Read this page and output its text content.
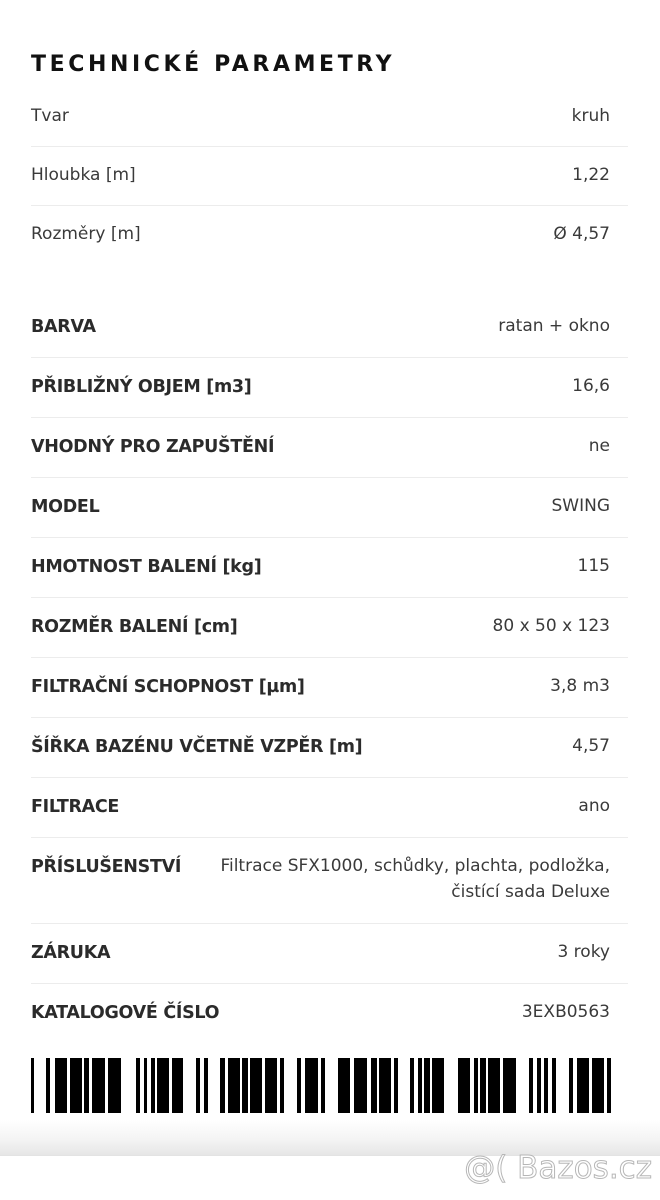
TECHNICKÉ PARAMETRY
Tvar	kruh
Hloubka [m]	1,22
Rozměry [m]	Ø 4,57
BARVA	ratan + okno
PŘIBLIŽNÝ OBJEM [m3]	16,6
VHODNÝ PRO ZAPUŠTĚNÍ	ne
MODEL	SWING
HMOTNOST BALENÍ [kg]	115
ROZMĚR BALENÍ [cm]	80 x 50 x 123
FILTRAČNÍ SCHOPNOST [µm]	3,8 m3
ŠÍŘKA BAZÉNU VČETNĚ VZPĚR [m]	4,57
FILTRACE	ano
PŘÍSLUŠENSTVÍ	Filtrace SFX1000, schůdky, plachta, podložka, čistící sada Deluxe
ZÁRUKA	3 roky
KATALOGOVÉ ČÍSLO	3EXB0563
@( Bazos.cz
